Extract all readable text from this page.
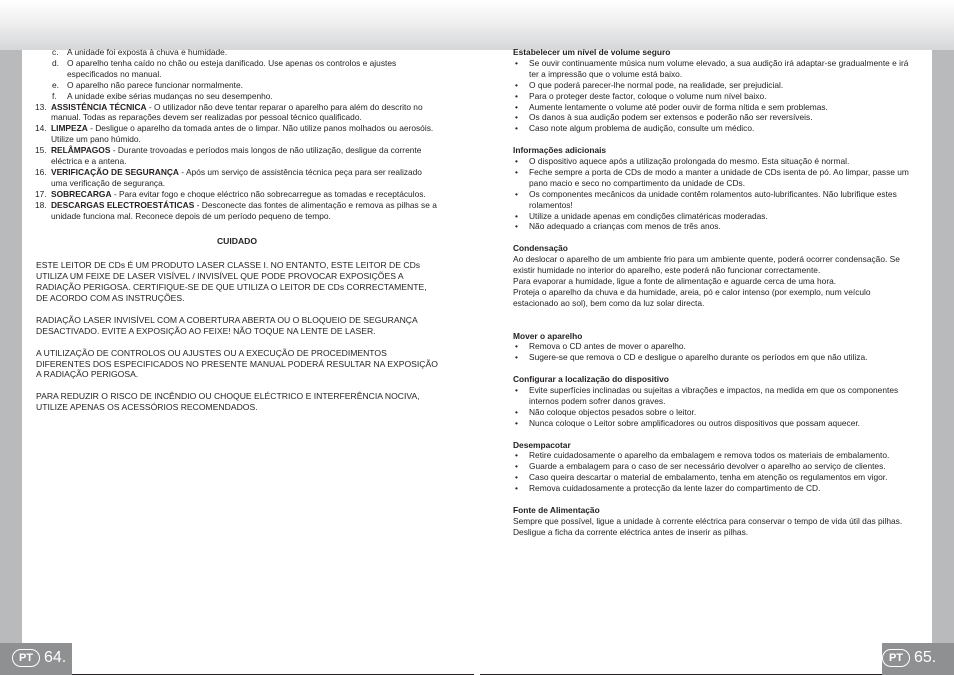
PT 64.	PT 65.
c. A unidade foi exposta à chuva e humidade.
d. O aparelho tenha caído no chão ou esteja danificado. Use apenas os controlos e ajustes especificados no manual.
e. O aparelho não parece funcionar normalmente.
f. A unidade exibe sérias mudanças no seu desempenho.
13. ASSISTÊNCIA TÉCNICA - O utilizador não deve tentar reparar o aparelho para além do descrito no manual. Todas as reparações devem ser realizadas por pessoal técnico qualificado.
14. LIMPEZA - Desligue o aparelho da tomada antes de o limpar. Não utilize panos molhados ou aerosóis. Utilize um pano húmido.
15. RELÂMPAGOS - Durante trovoadas e períodos mais longos de não utilização, desligue da corrente eléctrica e a antena.
16. VERIFICAÇÃO DE SEGURANÇA - Após um serviço de assistência técnica peça para ser realizado uma verificação de segurança.
17. SOBRECARGA - Para evitar fogo e choque eléctrico não sobrecarregue as tomadas e receptáculos.
18. DESCARGAS ELECTROESTÁTICAS - Desconecte das fontes de alimentação e remova as pilhas se a unidade funciona mal. Reconece depois de um período pequeno de tempo.
CUIDADO

ESTE LEITOR DE CDs É UM PRODUTO LASER CLASSE I. NO ENTANTO, ESTE LEITOR DE CDs UTILIZA UM FEIXE DE LASER VISÍVEL / INVISÍVEL QUE PODE PROVOCAR EXPOSIÇÕES A RADIAÇÃO PERIGOSA. CERTIFIQUE-SE DE QUE UTILIZA O LEITOR DE CDs CORRECTAMENTE, DE ACORDO COM AS INSTRUÇÕES.

RADIAÇÃO LASER INVISÍVEL COM A COBERTURA ABERTA OU O BLOQUEIO DE SEGURANÇA DESACTIVADO. EVITE A EXPOSIÇÃO AO FEIXE! NÃO TOQUE NA LENTE DE LASER.

A UTILIZAÇÃO DE CONTROLOS OU AJUSTES OU A EXECUÇÃO DE PROCEDIMENTOS DIFERENTES DOS ESPECIFICADOS NO PRESENTE MANUAL PODERÁ RESULTAR NA EXPOSIÇÃO A RADIAÇÃO PERIGOSA.

PARA REDUZIR O RISCO DE INCÊNDIO OU CHOQUE ELÉCTRICO E INTERFERÊNCIA NOCIVA, UTILIZE APENAS OS ACESSÓRIOS RECOMENDADOS.

Estabelecer um nível de volume seguro
• Se ouvir continuamente música num volume elevado, a sua audição irá adaptar-se gradualmente e irá ter a impressão que o volume está baixo.
• O que poderá parecer-lhe normal pode, na realidade, ser prejudicial.
• Para o proteger deste factor, coloque o volume num nível baixo.
• Aumente lentamente o volume até poder ouvir de forma nítida e sem problemas.
• Os danos à sua audição podem ser extensos e poderão não ser reversíveis.
• Caso note algum problema de audição, consulte um médico.
Informações adicionais
• O dispositivo aquece após a utilização prolongada do mesmo. Esta situação é normal.
• Feche sempre a porta de CDs de modo a manter a unidade de CDs isenta de pó. Ao limpar, passe um pano macio e seco no compartimento da unidade de CDs.
• Os componentes mecânicos da unidade contêm rolamentos auto-lubrificantes. Não lubrifique estes rolamentos!
• Utilize a unidade apenas em condições climatéricas moderadas.
• Não adequado a crianças com menos de três anos.
Condensação
Ao deslocar o aparelho de um ambiente frio para um ambiente quente, poderá ocorrer condensação. Se existir humidade no interior do aparelho, este poderá não funcionar correctamente.
Para evaporar a humidade, ligue a fonte de alimentação e aguarde cerca de uma hora.
Proteja o aparelho da chuva e da humidade, areia, pó e calor intenso (por exemplo, num veículo estacionado ao sol), bem como da luz solar directa.
Mover o aparelho
• Remova o CD antes de mover o aparelho.
• Sugere-se que remova o CD e desligue o aparelho durante os períodos em que não utiliza.
Configurar a localização do dispositivo
• Evite superfícies inclinadas ou sujeitas a vibrações e impactos, na medida em que os componentes internos podem sofrer danos graves.
• Não coloque objectos pesados sobre o leitor.
• Nunca coloque o Leitor sobre amplificadores ou outros dispositivos que possam aquecer.
Desempacotar
• Retire cuidadosamente o aparelho da embalagem e remova todos os materiais de embalamento.
• Guarde a embalagem para o caso de ser necessário devolver o aparelho ao serviço de clientes.
• Caso queira descartar o material de embalamento, tenha em atenção os regulamentos em vigor.
• Remova cuidadosamente a protecção da lente lazer do compartimento de CD.
Fonte de Alimentação
Sempre que possível, ligue a unidade à corrente eléctrica para conservar o tempo de vida útil das pilhas. Desligue a ficha da corrente eléctrica antes de inserir as pilhas.
